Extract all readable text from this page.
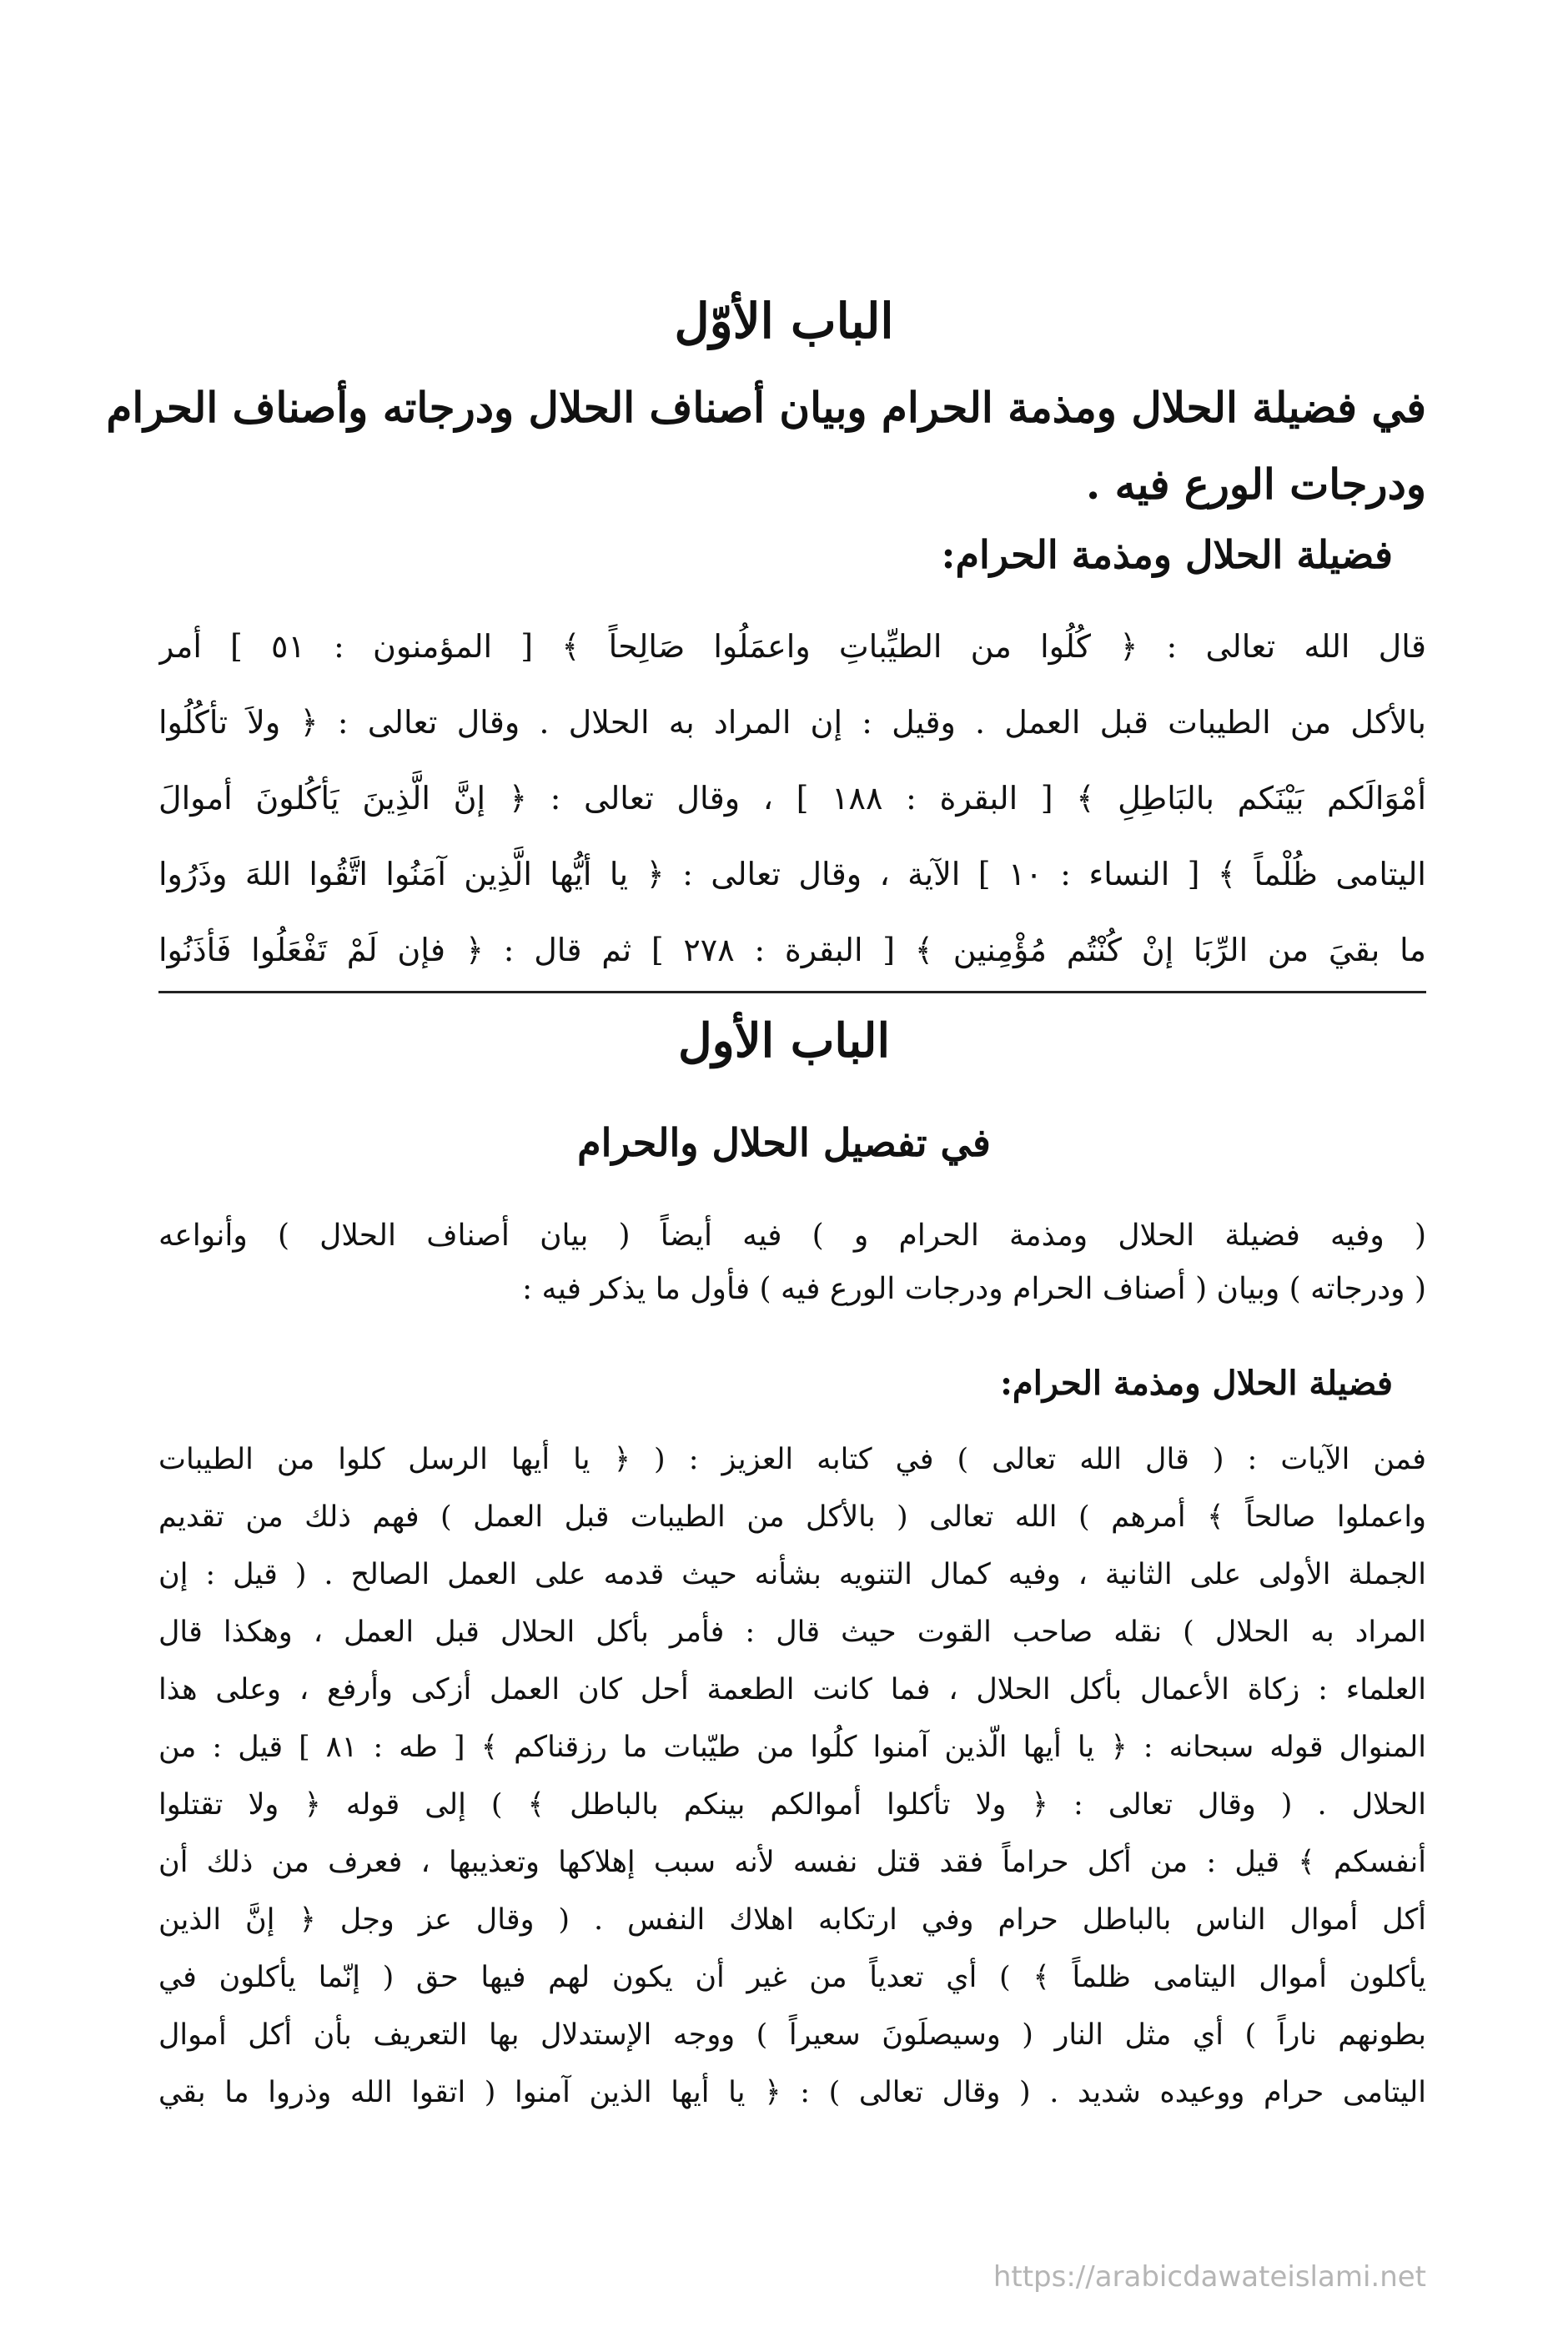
الباب الأوّل
في فضيلة الحلال ومذمة الحرام وبيان أصناف الحلال ودرجاته وأصناف الحرام
ودرجات الورع فيه .
فضيلة الحلال ومذمة الحرام:
قال الله تعالى : ﴿ كُلُوا من الطيِّباتِ واعمَلُوا صَالِحاً ﴾ [ المؤمنون : ٥١ ] أمر
بالأكل من الطيبات قبل العمل . وقيل : إن المراد به الحلال . وقال تعالى : ﴿ ولاَ تأكُلُوا
أمْوَالَكم بَيْنَكم بالبَاطِلِ ﴾ [ البقرة : ١٨٨ ] ، وقال تعالى : ﴿ إنَّ الَّذِينَ يَأكُلونَ أموالَ
اليتامى ظُلْماً ﴾ [ النساء : ١٠ ] الآية ، وقال تعالى : ﴿ يا أيُّها الَّذِين آمَنُوا اتَّقُوا اللهَ وذَرُوا
ما بقيَ من الرِّبَا إنْ كُنْتُم مُؤْمِنين ﴾ [ البقرة : ٢٧٨ ] ثم قال : ﴿ فإن لَمْ تَفْعَلُوا فَأذَنُوا
الباب الأول
في تفصيل الحلال والحرام
( وفيه فضيلة الحلال ومذمة الحرام و ) فيه أيضاً ( بيان أصناف الحلال ) وأنواعه
( ودرجاته ) وبيان ( أصناف الحرام ودرجات الورع فيه ) فأول ما يذكر فيه :
فضيلة الحلال ومذمة الحرام:
فمن الآيات : ( قال الله تعالى ) في كتابه العزيز : ( ﴿ يا أيها الرسل كلوا من الطيبات
واعملوا صالحاً ﴾ أمرهم ) الله تعالى ( بالأكل من الطيبات قبل العمل ) فهم ذلك من تقديم
الجملة الأولى على الثانية ، وفيه كمال التنويه بشأنه حيث قدمه على العمل الصالح . ( قيل : إن
المراد به الحلال ) نقله صاحب القوت حيث قال : فأمر بأكل الحلال قبل العمل ، وهكذا قال
العلماء : زكاة الأعمال بأكل الحلال ، فما كانت الطعمة أحل كان العمل أزكى وأرفع ، وعلى هذا
المنوال قوله سبحانه : ﴿ يا أيها الّذين آمنوا كلُوا من طيّبات ما رزقناكم ﴾ [ طه : ٨١ ] قيل : من
الحلال . ( وقال تعالى : ﴿ ولا تأكلوا أموالكم بينكم بالباطل ﴾ ) إلى قوله ﴿ ولا تقتلوا
أنفسكم ﴾ قيل : من أكل حراماً فقد قتل نفسه لأنه سبب إهلاكها وتعذيبها ، فعرف من ذلك أن
أكل أموال الناس بالباطل حرام وفي ارتكابه اهلاك النفس . ( وقال عز وجل ﴿ إنَّ الذين
يأكلون أموال اليتامى ظلماً ﴾ ) أي تعدياً من غير أن يكون لهم فيها حق ( إنّما يأكلون في
بطونهم ناراً ) أي مثل النار ( وسيصلَونَ سعيراً ) ووجه الإستدلال بها التعريف بأن أكل أموال
اليتامى حرام ووعيده شديد . ( وقال تعالى ) : ﴿ يا أيها الذين آمنوا ( اتقوا الله وذروا ما بقي
https://arabicdawateislami.net
